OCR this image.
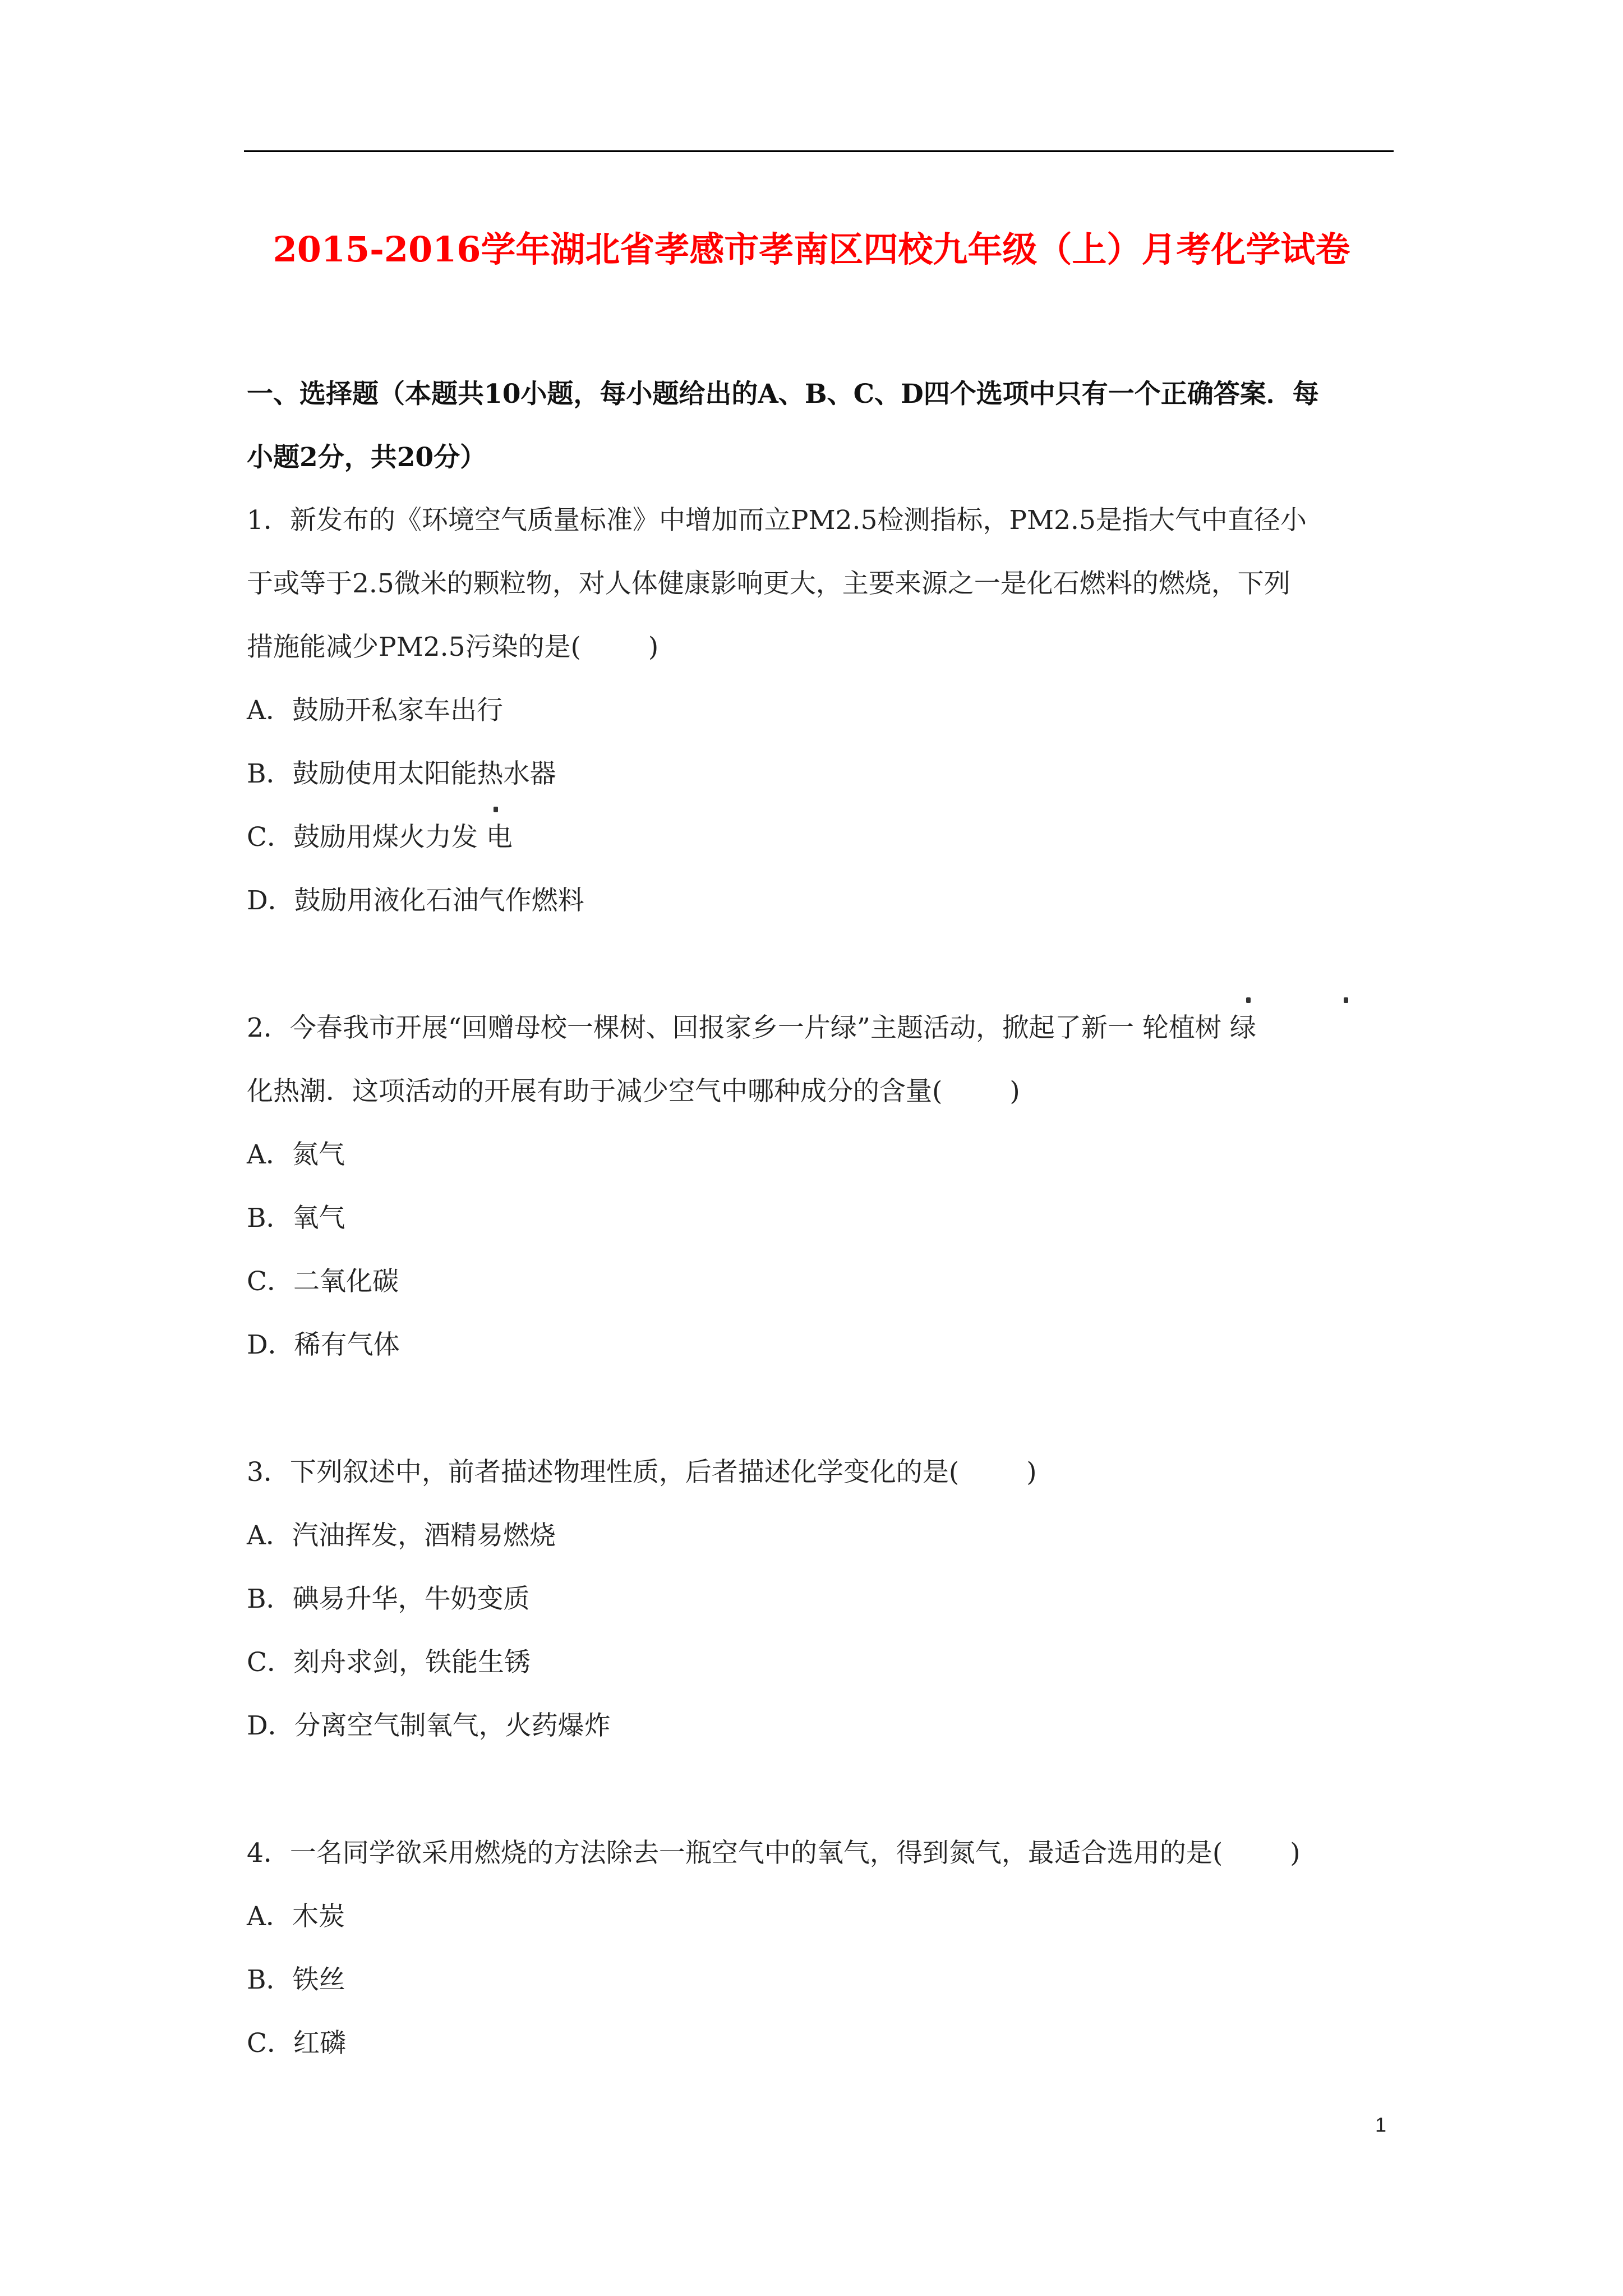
2015-2016学年湖北省孝感市孝南区四校九年级（上）月考化学试卷
一、选择题（本题共10小题，每小题给出的A、B、C、D四个选项中只有一个正确答案．每
小题2分，共20分）
1．新发布的《环境空气质量标准》中增加而立PM2.5检测指标，PM2.5是指大气中直径小
于或等于2.5微米的颗粒物，对人体健康影响更大，主要来源之一是化石燃料的燃烧，下列
措施能减少PM2.5污染的是(	)
A．鼓励开私家车出行
B．鼓励使用太阳能热水器
C．鼓励用煤火力发 电
D．鼓励用液化石油气作燃料
2．今春我市开展“回赠母校一棵树、回报家乡一片绿”主题活动，掀起了新一 轮植树 绿
化热潮．这项活动的开展有助于减少空气中哪种成分的含量(	)
A．氮气
B．氧气
C．二氧化碳
D．稀有气体
3．下列叙述中，前者描述物理性质，后者描述化学变化的是(	)
A．汽油挥发，酒精易燃烧
B．碘易升华，牛奶变质
C．刻舟求剑，铁能生锈
D．分离空气制氧气，火药爆炸
4．一名同学欲采用燃烧的方法除去一瓶空气中的氧气，得到氮气，最适合选用的是(	)
A．木炭
B．铁丝
C．红磷
1
